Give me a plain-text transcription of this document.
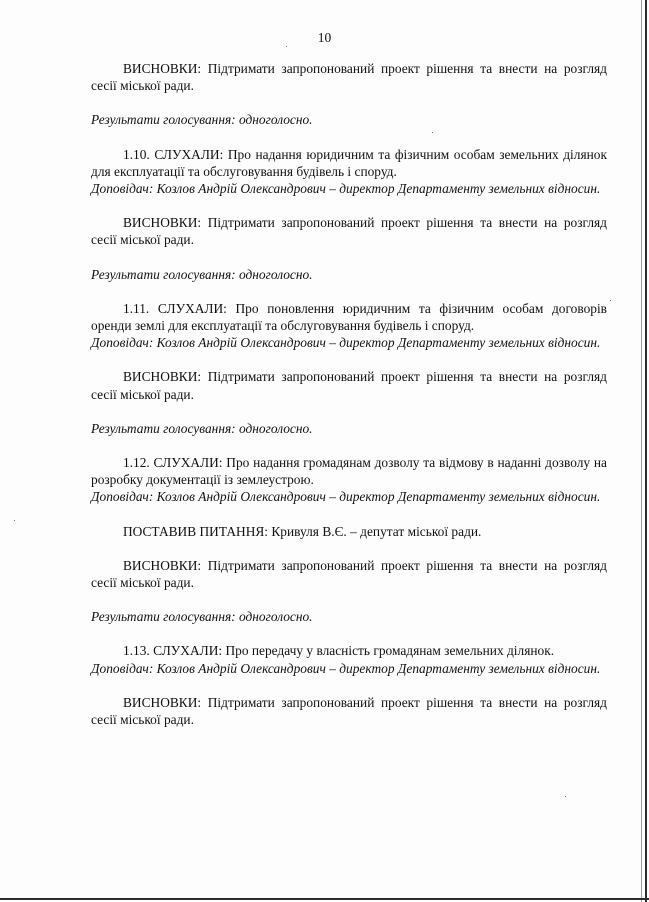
10

ВИСНОВКИ: Підтримати запропонований проект рішення та внести на розгляд сесії міської ради.

Результати голосування: одноголосно.

1.10. СЛУХАЛИ: Про надання юридичним та фізичним особам земельних ділянок для експлуатації та обслуговування будівель і споруд.

Доповідач: Козлов Андрій Олександрович – директор Департаменту земельних відносин.

ВИСНОВКИ: Підтримати запропонований проект рішення та внести на розгляд сесії міської ради.

Результати голосування: одноголосно.

1.11. СЛУХАЛИ: Про поновлення юридичним та фізичним особам договорів оренди землі для експлуатації та обслуговування будівель і споруд.

Доповідач: Козлов Андрій Олександрович – директор Департаменту земельних відносин.

ВИСНОВКИ: Підтримати запропонований проект рішення та внести на розгляд сесії міської ради.

Результати голосування: одноголосно.

1.12. СЛУХАЛИ: Про надання громадянам дозволу та відмову в наданні дозволу на розробку документації із землеустрою.

Доповідач: Козлов Андрій Олександрович – директор Департаменту земельних відносин.

ПОСТАВИВ ПИТАННЯ: Кривуля В.Є. – депутат міської ради.

ВИСНОВКИ: Підтримати запропонований проект рішення та внести на розгляд сесії міської ради.

Результати голосування: одноголосно.

1.13. СЛУХАЛИ: Про передачу у власність громадянам земельних ділянок.

Доповідач: Козлов Андрій Олександрович – директор Департаменту земельних відносин.

ВИСНОВКИ: Підтримати запропонований проект рішення та внести на розгляд сесії міської ради.
